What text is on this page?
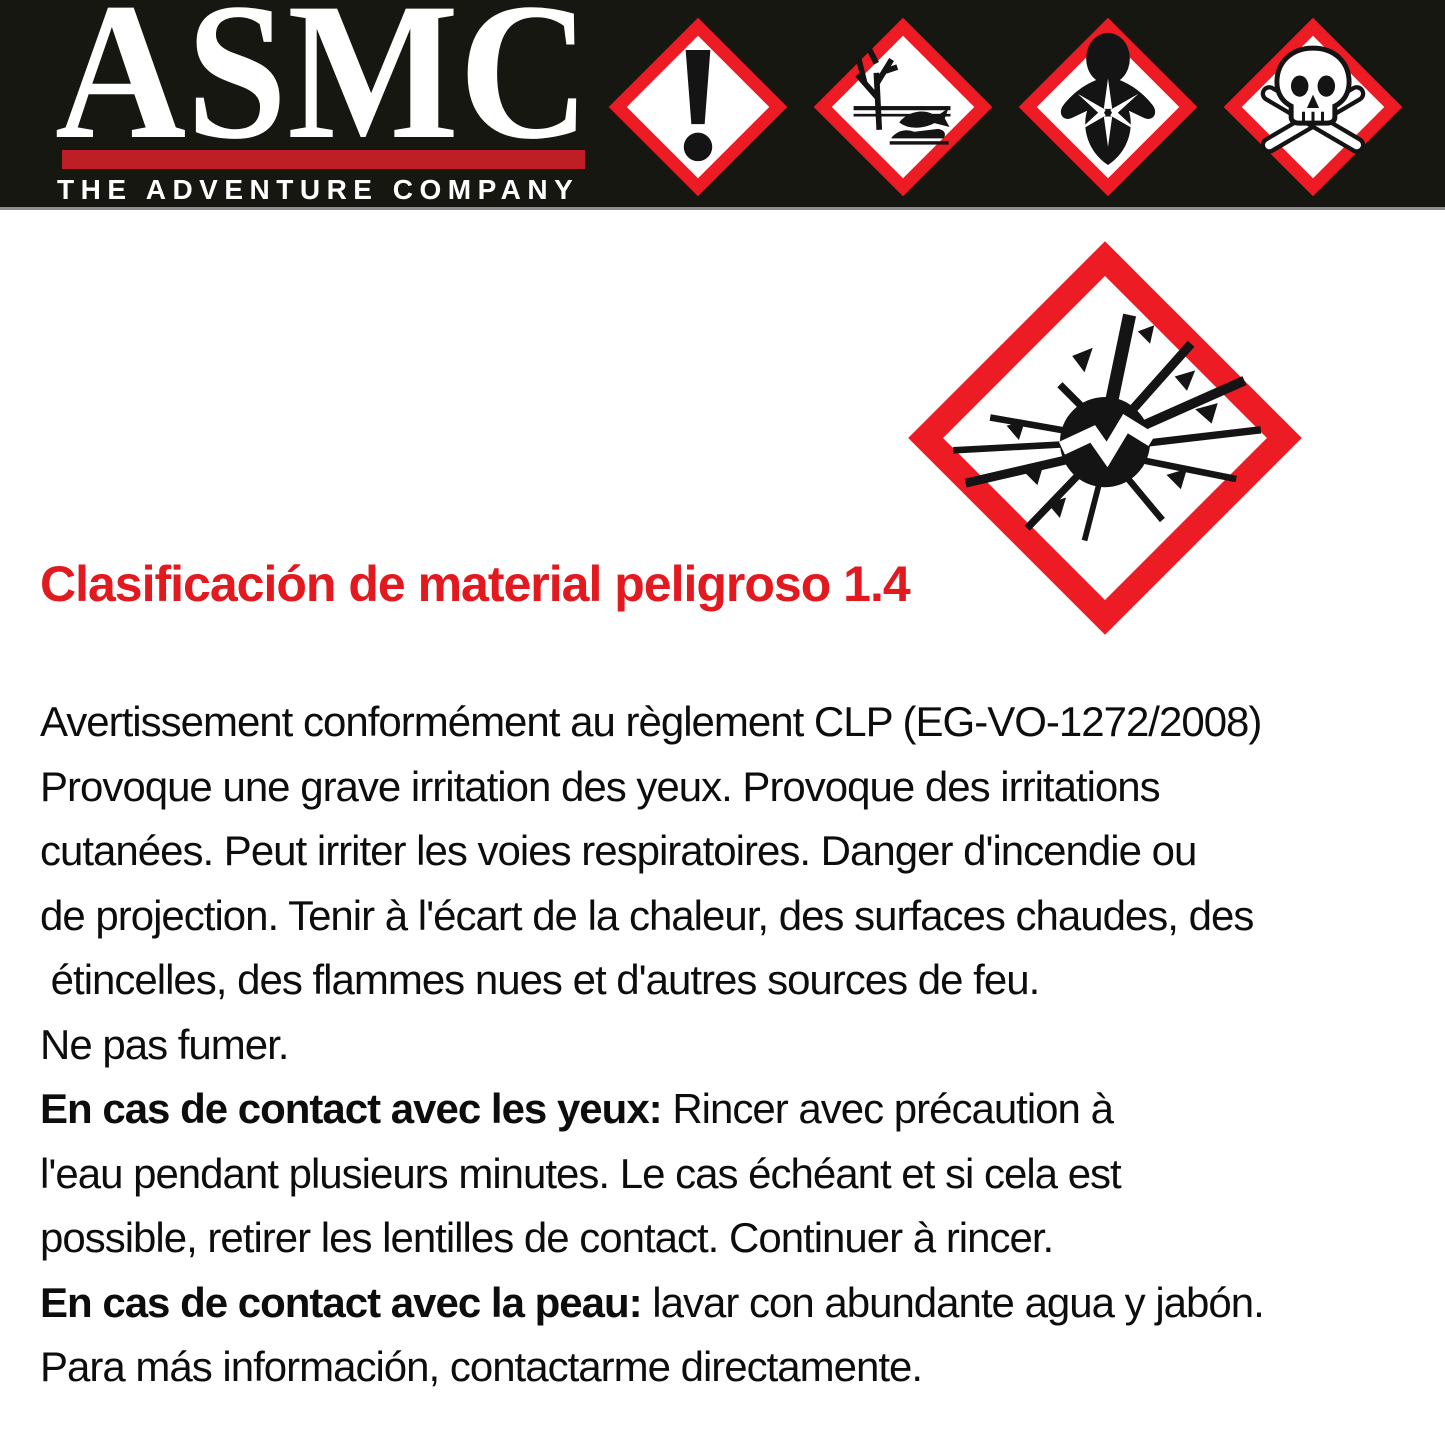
ASMC
THE ADVENTURE COMPANY
Clasificación de material peligroso 1.4
Avertissement conformément au règlement CLP (EG-VO-1272/2008)
Provoque une grave irritation des yeux. Provoque des irritations
cutanées. Peut irriter les voies respiratoires. Danger d'incendie ou
de projection. Tenir à l'écart de la chaleur, des surfaces chaudes, des
étincelles, des flammes nues et d'autres sources de feu.
Ne pas fumer.
En cas de contact avec les yeux: Rincer avec précaution à
l'eau pendant plusieurs minutes. Le cas échéant et si cela est
possible, retirer les lentilles de contact. Continuer à rincer.
En cas de contact avec la peau: lavar con abundante agua y jabón.
Para más información, contactarme directamente.
